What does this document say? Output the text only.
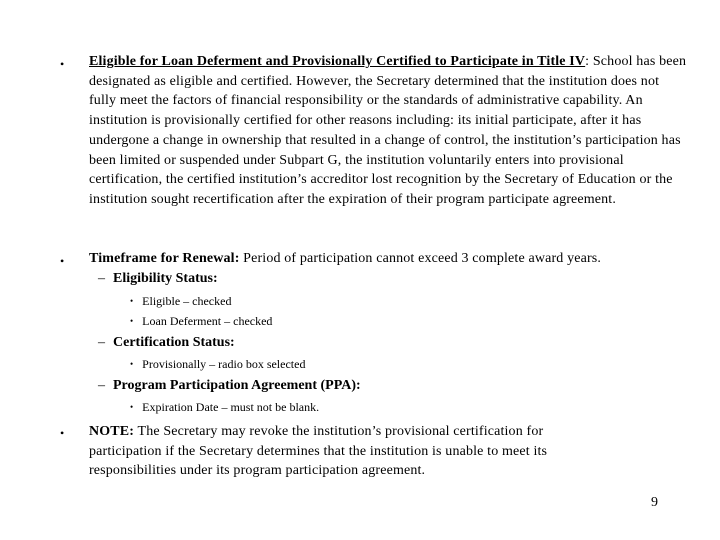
• Eligible for Loan Deferment and Provisionally Certified to Participate in Title IV: School has been designated as eligible and certified. However, the Secretary determined that the institution does not fully meet the factors of financial responsibility or the standards of administrative capability. An institution is provisionally certified for other reasons including: its initial participate, after it has undergone a change in ownership that resulted in a change of control, the institution’s participation has been limited or suspended under Subpart G, the institution voluntarily enters into provisional certification, the certified institution’s accreditor lost recognition by the Secretary of Education or the institution sought recertification after the expiration of their program participate agreement.
• Timeframe for Renewal: Period of participation cannot exceed 3 complete award years.
– Eligibility Status:
• Eligible – checked
• Loan Deferment – checked
– Certification Status:
• Provisionally – radio box selected
– Program Participation Agreement (PPA):
• Expiration Date – must not be blank.
• NOTE: The Secretary may revoke the institution’s provisional certification for participation if the Secretary determines that the institution is unable to meet its responsibilities under its program participation agreement.
9
